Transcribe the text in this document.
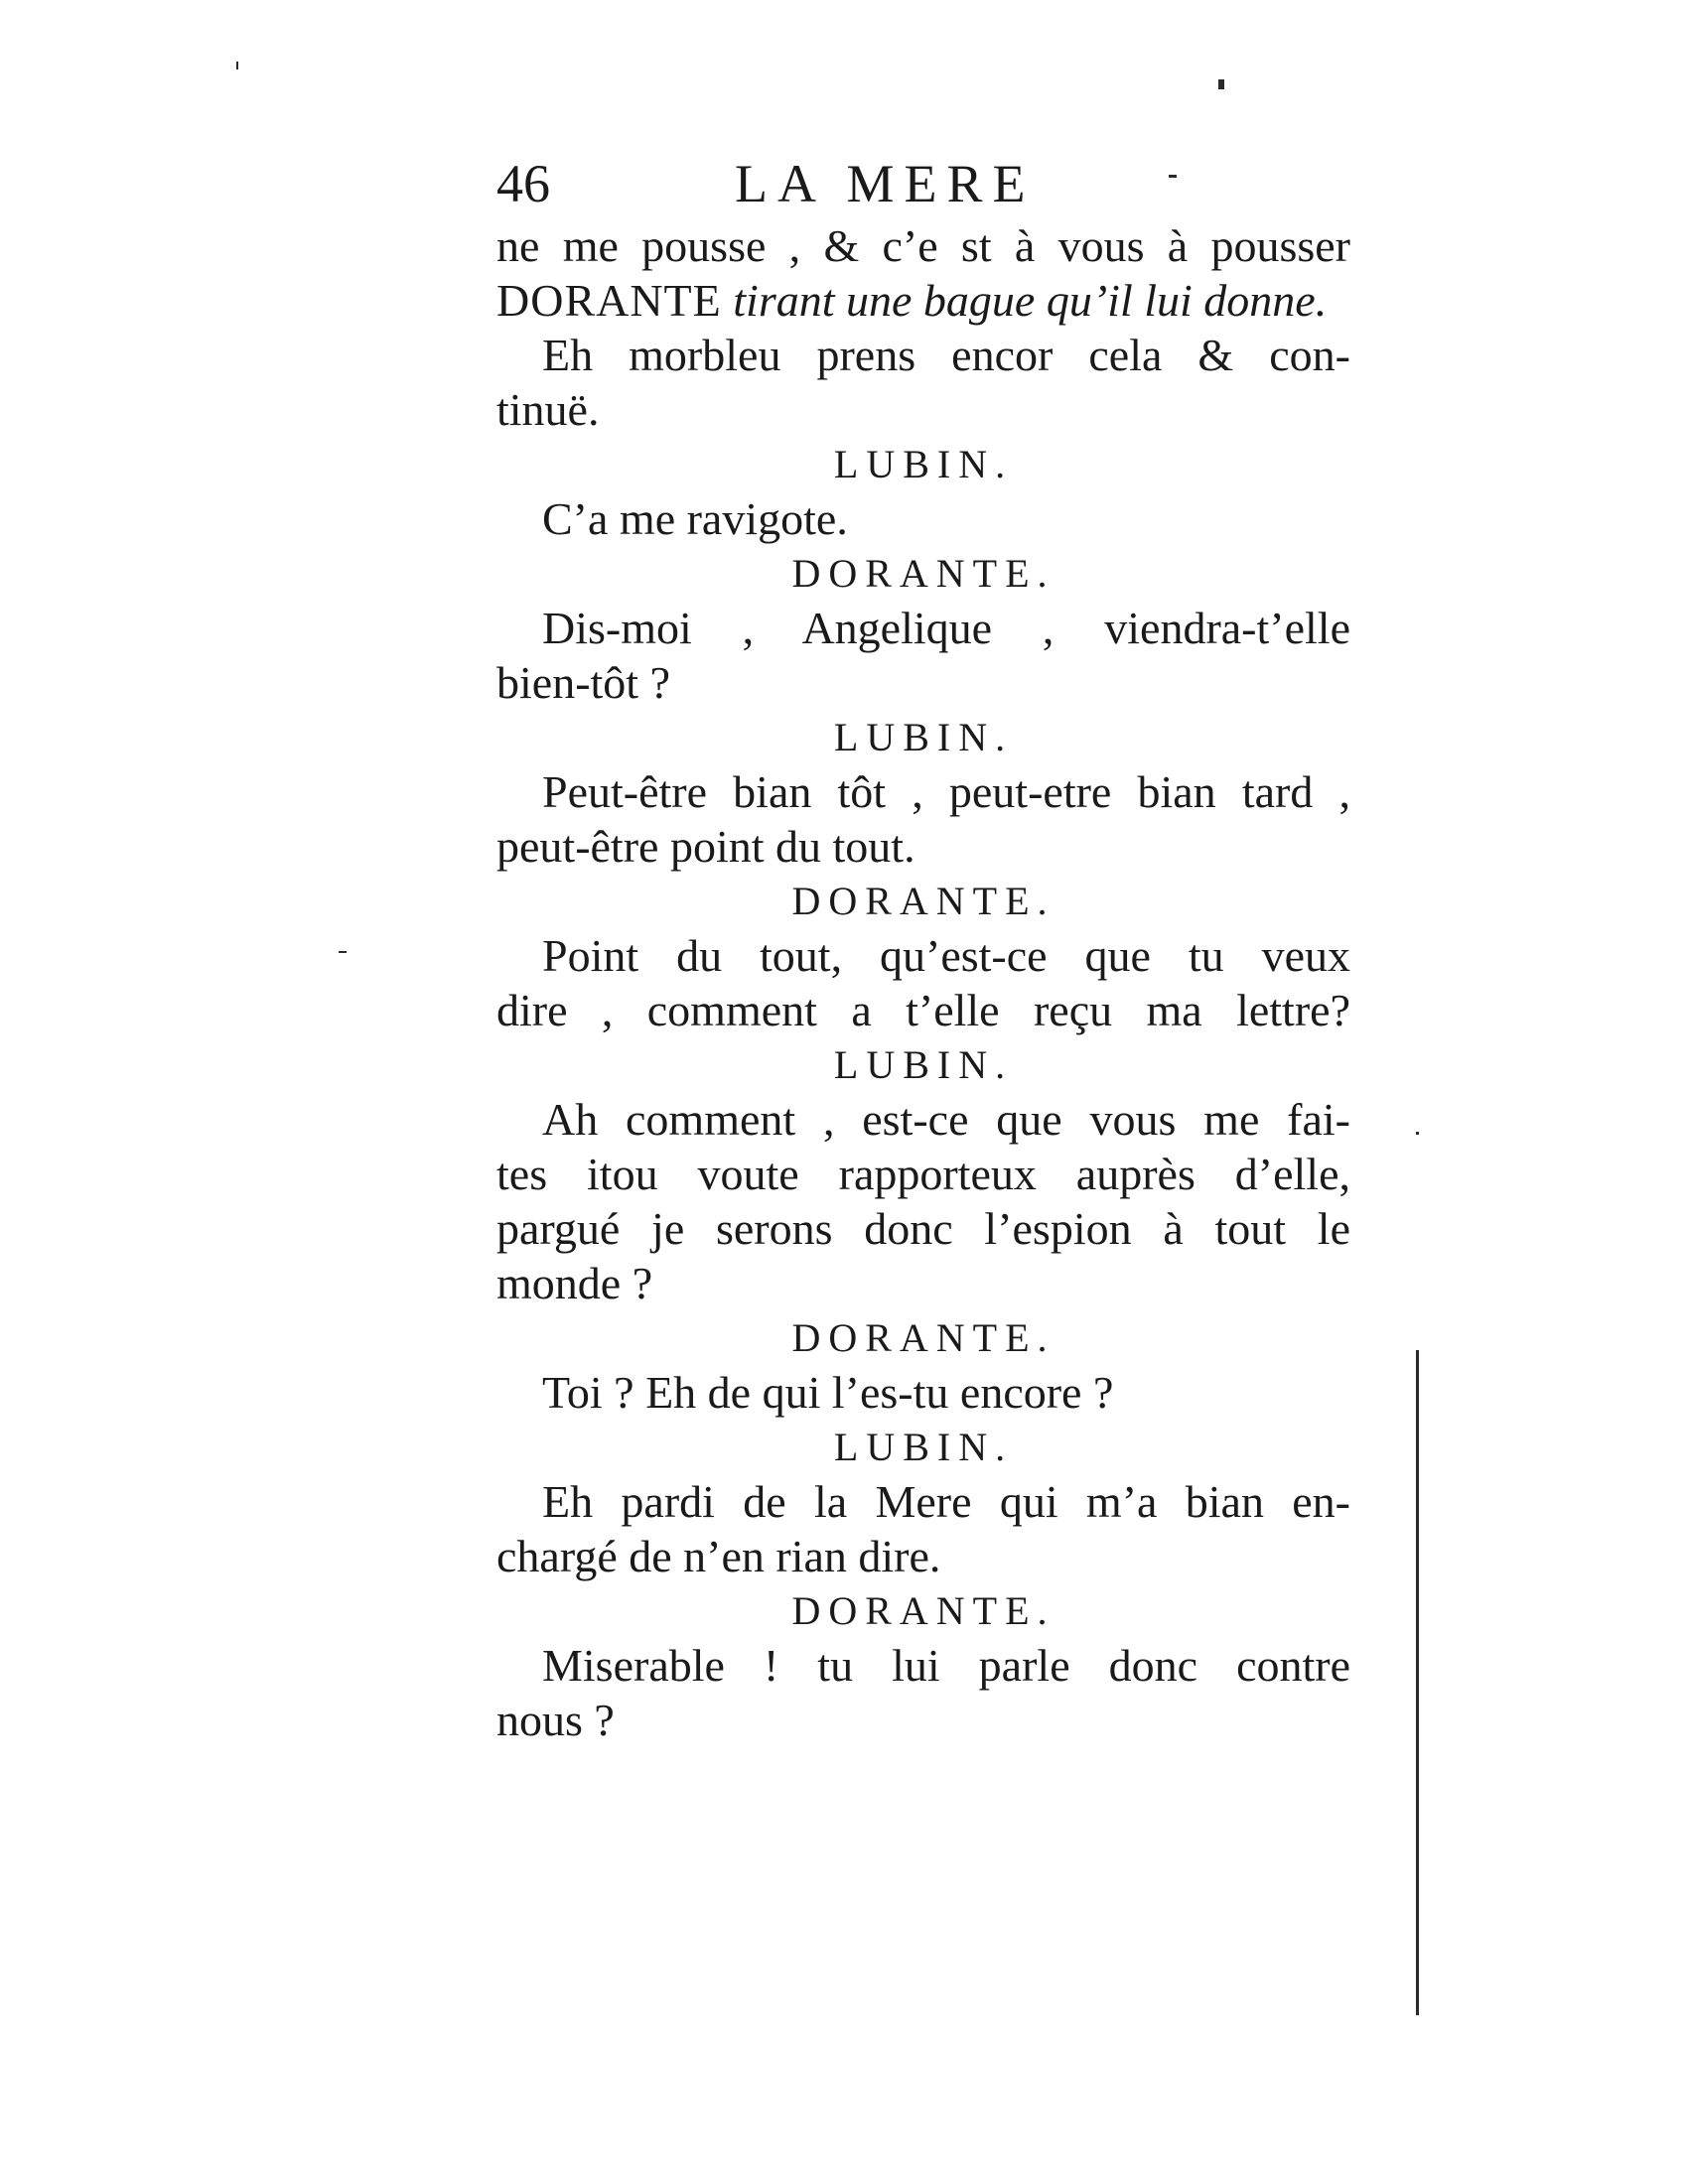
46	LA MERE
ne me pousse , & c’e st à vous à pousser
DORANTE tirant une bague qu’il lui donne.
Eh morbleu prens encor cela & con-
tinuë.
LUBIN.
C’a me ravigote.
DORANTE.
Dis-moi , Angelique , viendra-t’elle
bien-tôt ?
LUBIN.
Peut-être bian tôt , peut-etre bian tard ,
peut-être point du tout.
DORANTE.
Point du tout, qu’est-ce que tu veux
dire , comment a t’elle reçu ma lettre?
LUBIN.
Ah comment , est-ce que vous me fai-
tes itou voute rapporteux auprès d’elle,
pargué je serons donc l’espion à tout le
monde ?
DORANTE.
Toi ? Eh de qui l’es-tu encore ?
LUBIN.
Eh pardi de la Mere qui m’a bian en-
chargé de n’en rian dire.
DORANTE.
Miserable ! tu lui parle donc contre
nous ?
